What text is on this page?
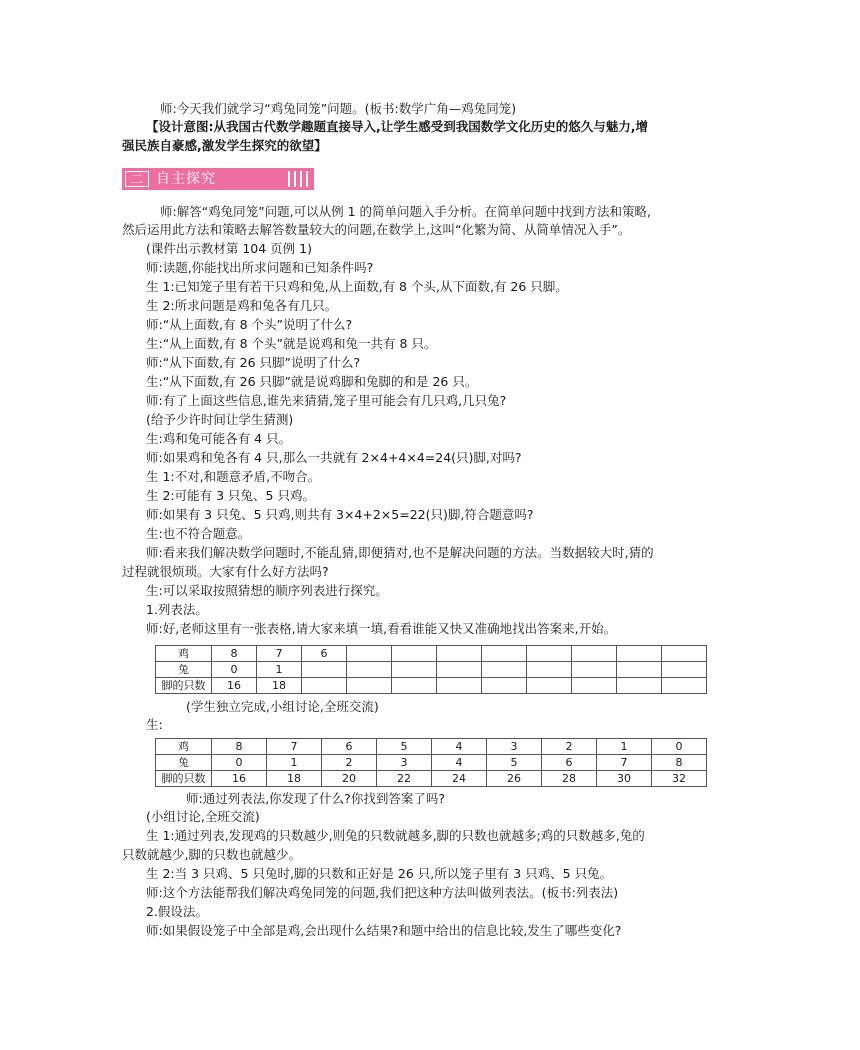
师:今天我们就学习“鸡兔同笼”问题。(板书:数学广角—鸡兔同笼)
【设计意图:从我国古代数学趣题直接导入,让学生感受到我国数学文化历史的悠久与魅力,增
强民族自豪感,激发学生探究的欲望】
二 自主探究
师:解答“鸡兔同笼”问题,可以从例 1 的简单问题入手分析。在简单问题中找到方法和策略,
然后运用此方法和策略去解答数量较大的问题,在数学上,这叫“化繁为简、从简单情况入手”。
(课件出示教材第 104 页例 1)
师:读题,你能找出所求问题和已知条件吗?
生 1:已知笼子里有若干只鸡和兔,从上面数,有 8 个头,从下面数,有 26 只脚。
生 2:所求问题是鸡和兔各有几只。
师:“从上面数,有 8 个头”说明了什么?
生:“从上面数,有 8 个头”就是说鸡和兔一共有 8 只。
师:“从下面数,有 26 只脚”说明了什么?
生:“从下面数,有 26 只脚”就是说鸡脚和兔脚的和是 26 只。
师:有了上面这些信息,谁先来猜猜,笼子里可能会有几只鸡,几只兔?
(给予少许时间让学生猜测)
生:鸡和兔可能各有 4 只。
师:如果鸡和兔各有 4 只,那么一共就有 2×4+4×4=24(只)脚,对吗?
生 1:不对,和题意矛盾,不吻合。
生 2:可能有 3 只兔、5 只鸡。
师:如果有 3 只兔、5 只鸡,则共有 3×4+2×5=22(只)脚,符合题意吗?
生:也不符合题意。
师:看来我们解决数学问题时,不能乱猜,即便猜对,也不是解决问题的方法。当数据较大时,猜的
过程就很烦琐。大家有什么好方法吗?
生:可以采取按照猜想的顺序列表进行探究。
1.列表法。
师:好,老师这里有一张表格,请大家来填一填,看看谁能又快又准确地找出答案来,开始。
鸡	8	7	6								
兔	0	1									
脚的只数	16	18									
(学生独立完成,小组讨论,全班交流)
生:
鸡	8	7	6	5	4	3	2	1	0
兔	0	1	2	3	4	5	6	7	8
脚的只数	16	18	20	22	24	26	28	30	32
师:通过列表法,你发现了什么?你找到答案了吗?
(小组讨论,全班交流)
生 1:通过列表,发现鸡的只数越少,则兔的只数就越多,脚的只数也就越多;鸡的只数越多,兔的
只数就越少,脚的只数也就越少。
生 2:当 3 只鸡、5 只兔时,脚的只数和正好是 26 只,所以笼子里有 3 只鸡、5 只兔。
师:这个方法能帮我们解决鸡兔同笼的问题,我们把这种方法叫做列表法。(板书:列表法)
2.假设法。
师:如果假设笼子中全部是鸡,会出现什么结果?和题中给出的信息比较,发生了哪些变化?
